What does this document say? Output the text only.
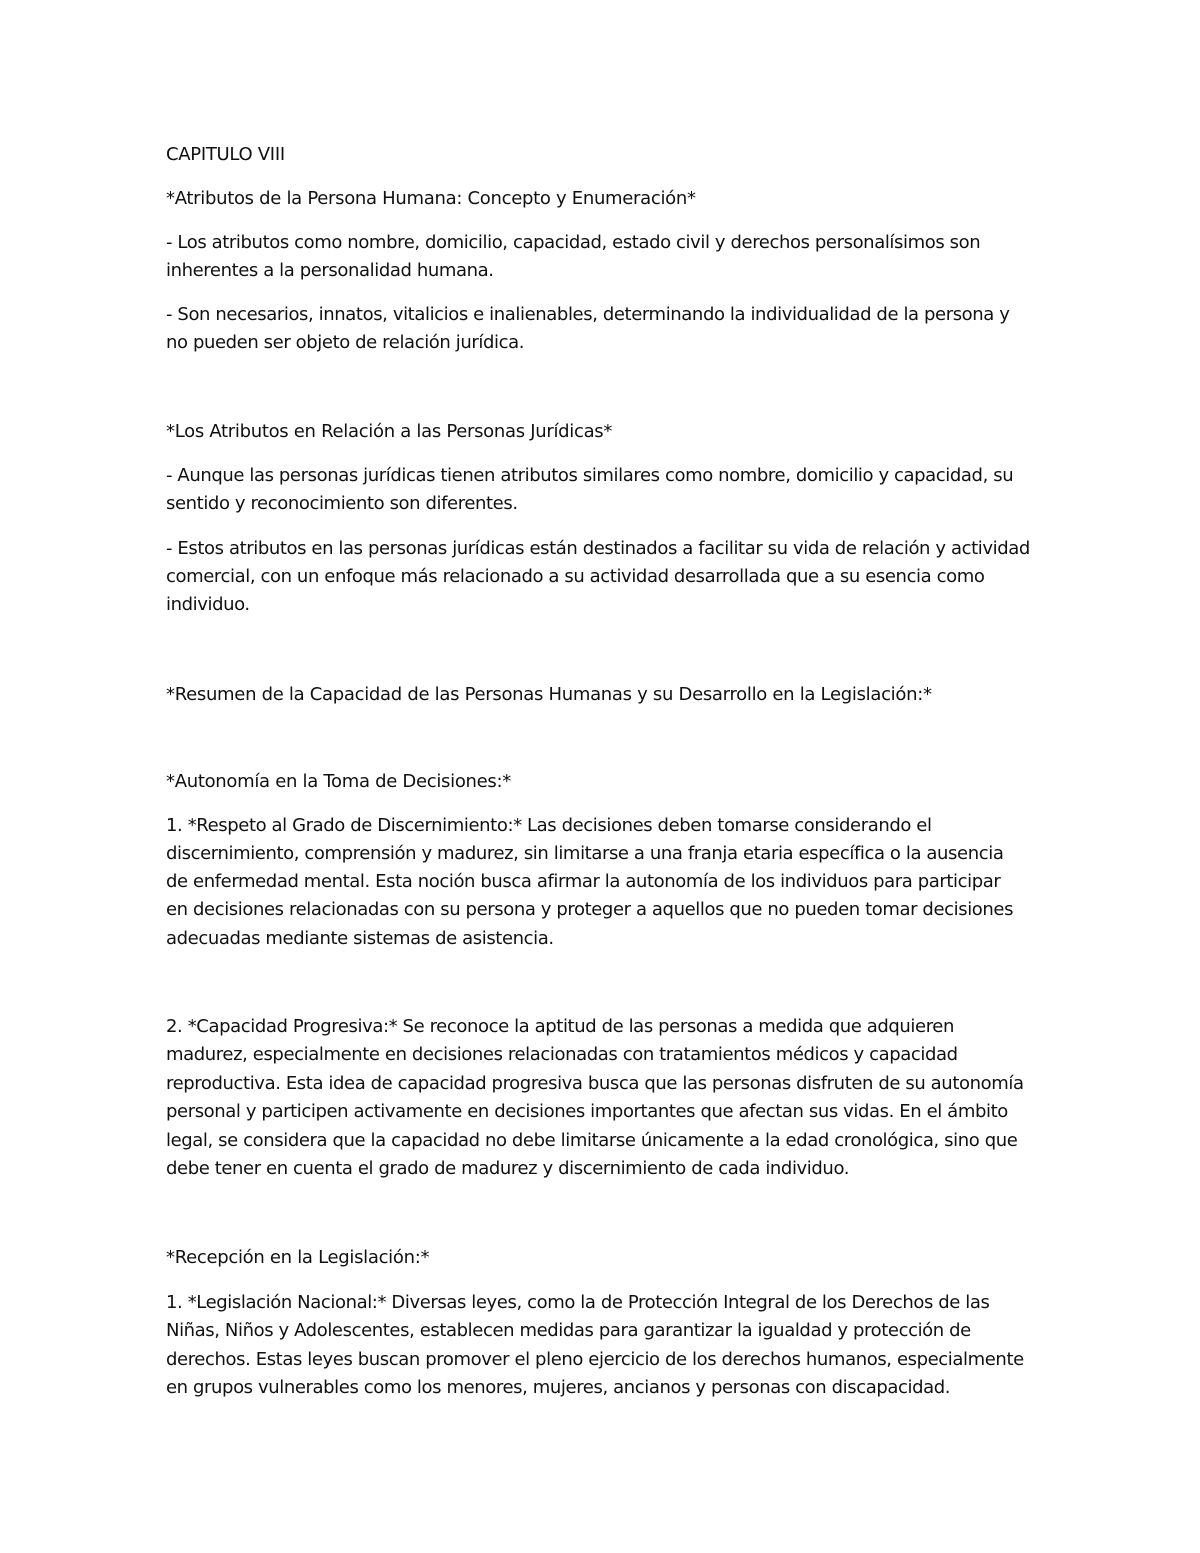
CAPITULO VIII
*Atributos de la Persona Humana: Concepto y Enumeración*
- Los atributos como nombre, domicilio, capacidad, estado civil y derechos personalísimos son
inherentes a la personalidad humana.
- Son necesarios, innatos, vitalicios e inalienables, determinando la individualidad de la persona y
no pueden ser objeto de relación jurídica.
*Los Atributos en Relación a las Personas Jurídicas*
- Aunque las personas jurídicas tienen atributos similares como nombre, domicilio y capacidad, su
sentido y reconocimiento son diferentes.
- Estos atributos en las personas jurídicas están destinados a facilitar su vida de relación y actividad
comercial, con un enfoque más relacionado a su actividad desarrollada que a su esencia como
individuo.
*Resumen de la Capacidad de las Personas Humanas y su Desarrollo en la Legislación:*
*Autonomía en la Toma de Decisiones:*
1. *Respeto al Grado de Discernimiento:* Las decisiones deben tomarse considerando el
discernimiento, comprensión y madurez, sin limitarse a una franja etaria específica o la ausencia
de enfermedad mental. Esta noción busca afirmar la autonomía de los individuos para participar
en decisiones relacionadas con su persona y proteger a aquellos que no pueden tomar decisiones
adecuadas mediante sistemas de asistencia.
2. *Capacidad Progresiva:* Se reconoce la aptitud de las personas a medida que adquieren
madurez, especialmente en decisiones relacionadas con tratamientos médicos y capacidad
reproductiva. Esta idea de capacidad progresiva busca que las personas disfruten de su autonomía
personal y participen activamente en decisiones importantes que afectan sus vidas. En el ámbito
legal, se considera que la capacidad no debe limitarse únicamente a la edad cronológica, sino que
debe tener en cuenta el grado de madurez y discernimiento de cada individuo.
*Recepción en la Legislación:*
1. *Legislación Nacional:* Diversas leyes, como la de Protección Integral de los Derechos de las
Niñas, Niños y Adolescentes, establecen medidas para garantizar la igualdad y protección de
derechos. Estas leyes buscan promover el pleno ejercicio de los derechos humanos, especialmente
en grupos vulnerables como los menores, mujeres, ancianos y personas con discapacidad.
